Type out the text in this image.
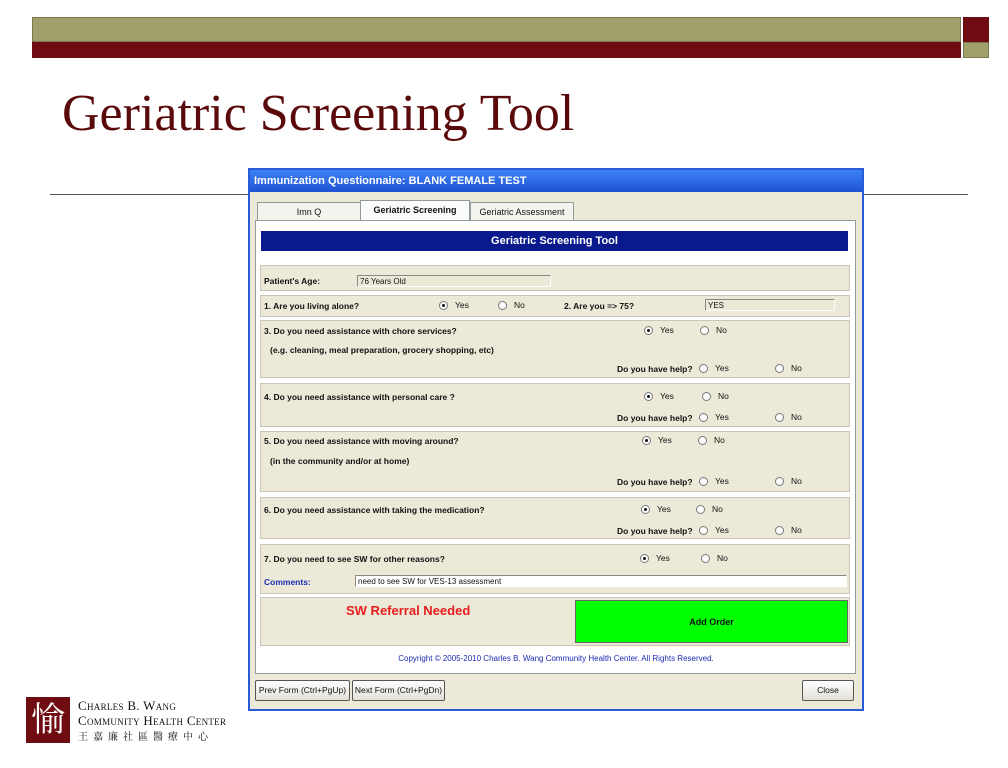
Geriatric Screening Tool
愉	Charles B. Wang
Community Health Center
王嘉廉社區醫療中心
Immunization Questionnaire: BLANK FEMALE TEST
Imn Q	Geriatric Screening	Geriatric Assessment
Geriatric Screening Tool
Patient's Age:	76 Years Old
1. Are you living alone?	Yes	No	2. Are you => 75?	YES
3. Do you need assistance with chore services?
(e.g. cleaning, meal preparation, grocery shopping, etc)
Yes	No
Do you have help?	Yes	No
4. Do you need assistance with personal care ?	Yes	No
Do you have help?	Yes	No
5. Do you need assistance with moving around?
(in the community and/or at home)
Yes	No
Do you have help?	Yes	No
6. Do you need assistance with taking the medication?	Yes	No
Do you have help?	Yes	No
7. Do you need to see SW for other reasons?	Yes	No
Comments:	need to see SW for VES-13 assessment
SW Referral Needed
Add Order
Copyright © 2005-2010 Charles B. Wang Community Health Center. All Rights Reserved.
Prev Form (Ctrl+PgUp)	Next Form (Ctrl+PgDn)	Close
